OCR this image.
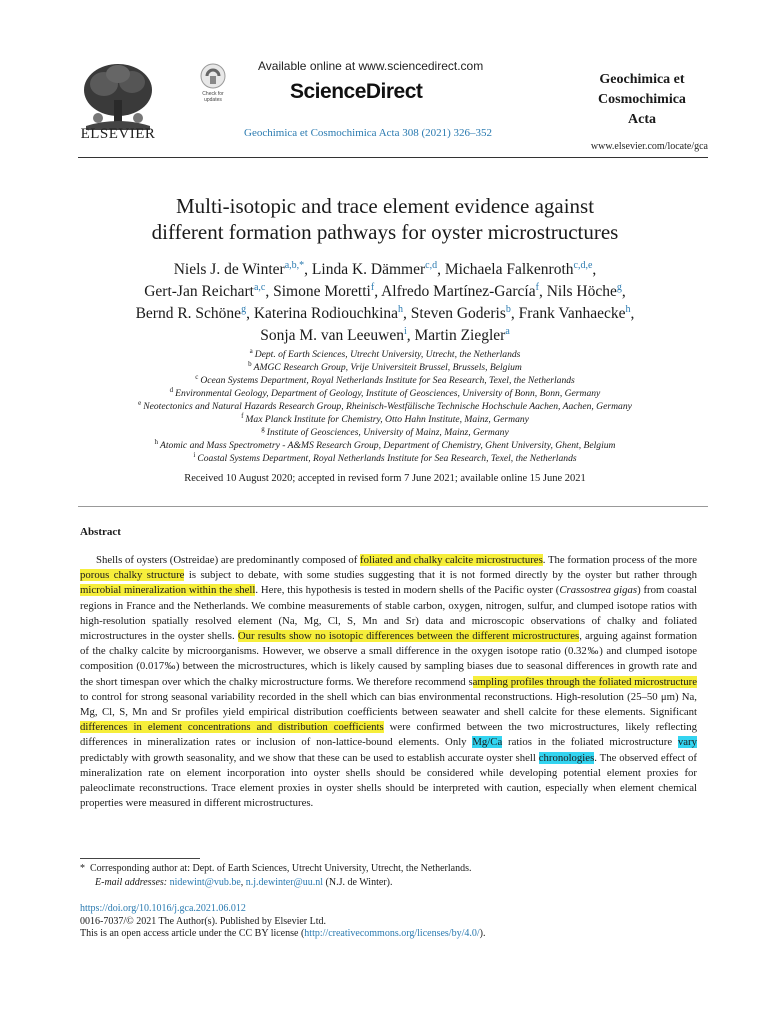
ELSEVIER
Check for
updates
Available online at www.sciencedirect.com
ScienceDirect
Geochimica et Cosmochimica Acta 308 (2021) 326–352
Geochimica et
Cosmochimica
Acta
www.elsevier.com/locate/gca
Multi-isotopic and trace element evidence against
different formation pathways for oyster microstructures
Niels J. de Winter$^{a,b,*}$, Linda K. Dämmer$^{c,d}$, Michaela Falkenroth$^{c,d,e}$,
Gert-Jan Reichart$^{a,c}$, Simone Moretti$^f$, Alfredo Martínez-García$^f$, Nils Höche$^g$,
Bernd R. Schöne$^g$, Katerina Rodiouchkina$^h$, Steven Goderis$^b$, Frank Vanhaecke$^h$,
Sonja M. van Leeuwen$^i$, Martin Ziegler$^a$
$^a$ Dept. of Earth Sciences, Utrecht University, Utrecht, the Netherlands
$^b$ AMGC Research Group, Vrije Universiteit Brussel, Brussels, Belgium
$^c$ Ocean Systems Department, Royal Netherlands Institute for Sea Research, Texel, the Netherlands
$^d$ Environmental Geology, Department of Geology, Institute of Geosciences, University of Bonn, Bonn, Germany
$^e$ Neotectonics and Natural Hazards Research Group, Rheinisch-Westfälische Technische Hochschule Aachen, Aachen, Germany
$^f$ Max Planck Institute for Chemistry, Otto Hahn Institute, Mainz, Germany
$^g$ Institute of Geosciences, University of Mainz, Mainz, Germany
$^h$ Atomic and Mass Spectrometry - A&MS Research Group, Department of Chemistry, Ghent University, Ghent, Belgium
$^i$ Coastal Systems Department, Royal Netherlands Institute for Sea Research, Texel, the Netherlands
Received 10 August 2020; accepted in revised form 7 June 2021; available online 15 June 2021
Abstract
Shells of oysters (Ostreidae) are predominantly composed of foliated and chalky calcite microstructures. The formation process of the more porous chalky structure is subject to debate, with some studies suggesting that it is not formed directly by the oyster but rather through microbial mineralization within the shell. Here, this hypothesis is tested in modern shells of the Pacific oyster (Crassostrea gigas) from coastal regions in France and the Netherlands. We combine measurements of stable carbon, oxygen, nitrogen, sulfur, and clumped isotope ratios with high-resolution spatially resolved element (Na, Mg, Cl, S, Mn and Sr) data and microscopic observations of chalky and foliated microstructures in the oyster shells. Our results show no isotopic differences between the different microstructures, arguing against formation of the chalky calcite by microorganisms. However, we observe a small difference in the oxygen isotope ratio (0.32‰) and clumped isotope composition (0.017‰) between the microstructures, which is likely caused by sampling biases due to seasonal differences in growth rate and the short timespan over which the chalky microstructure forms. We therefore recommend sampling profiles through the foliated microstructure to control for strong seasonal variability recorded in the shell which can bias environmental reconstructions. High-resolution (25–50 μm) Na, Mg, Cl, S, Mn and Sr profiles yield empirical distribution coefficients between seawater and shell calcite for these elements. Significant differences in element concentrations and distribution coefficients were confirmed between the two microstructures, likely reflecting differences in mineralization rates or inclusion of non-lattice-bound elements. Only Mg/Ca ratios in the foliated microstructure vary predictably with growth seasonality, and we show that these can be used to establish accurate oyster shell chronologies. The observed effect of mineralization rate on element incorporation into oyster shells should be considered while developing potential element proxies for paleoclimate reconstructions. Trace element proxies in oyster shells should be interpreted with caution, especially when element chemical properties were measured in different microstructures.
* Corresponding author at: Dept. of Earth Sciences, Utrecht University, Utrecht, the Netherlands.
E-mail addresses: nidewint@vub.be, n.j.dewinter@uu.nl (N.J. de Winter).
https://doi.org/10.1016/j.gca.2021.06.012
0016-7037/© 2021 The Author(s). Published by Elsevier Ltd.
This is an open access article under the CC BY license (http://creativecommons.org/licenses/by/4.0/).
